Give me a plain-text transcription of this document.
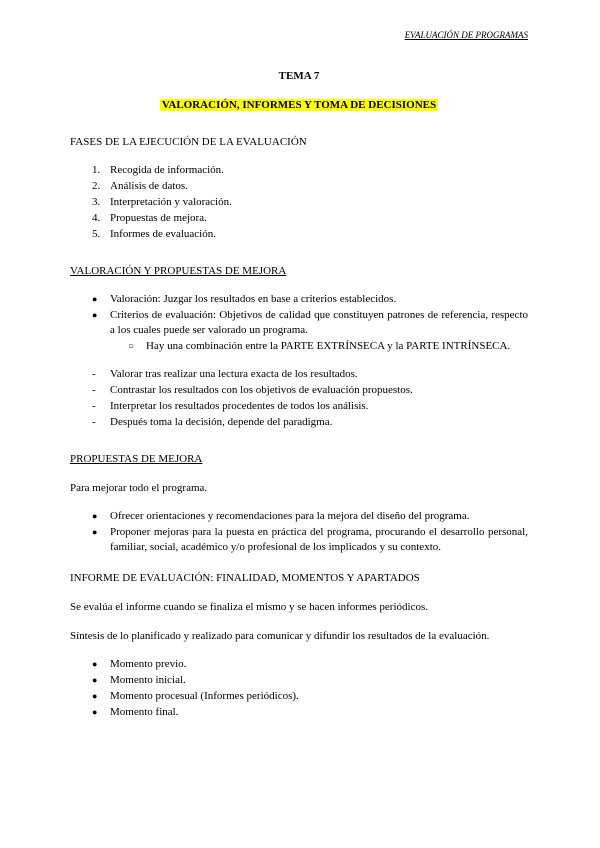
EVALUACIÓN DE PROGRAMAS
TEMA 7
VALORACIÓN, INFORMES Y TOMA DE DECISIONES
FASES DE LA EJECUCIÓN DE LA EVALUACIÓN
1. Recogida de información.
2. Análisis de datos.
3. Interpretación y valoración.
4. Propuestas de mejora.
5. Informes de evaluación.
VALORACIÓN Y PROPUESTAS DE MEJORA
●	Valoración: Juzgar los resultados en base a criterios establecidos.
●	Criterios de evaluación: Objetivos de calidad que constituyen patrones de referencia, respecto a los cuales puede ser valorado un programa.
○	Hay una combinación entre la PARTE EXTRÍNSECA y la PARTE INTRÍNSECA.
-	Valorar tras realizar una lectura exacta de los resultados.
-	Contrastar los resultados con los objetivos de evaluación propuestos.
-	Interpretar los resultados procedentes de todos los análisis.
-	Después toma la decisión, depende del paradigma.
PROPUESTAS DE MEJORA
Para mejorar todo el programa.
●	Ofrecer orientaciones y recomendaciones para la mejora del diseño del programa.
●	Proponer mejoras para la puesta en práctica del programa, procurando el desarrollo personal, familiar, social, académico y/o profesional de los implicados y su contexto.
INFORME DE EVALUACIÓN: FINALIDAD, MOMENTOS Y APARTADOS
Se evalúa el informe cuando se finaliza el mismo y se hacen informes periódicos.
Síntesis de lo planificado y realizado para comunicar y difundir los resultados de la evaluación.
●	Momento previo.
●	Momento inicial.
●	Momento procesual (Informes periódicos).
●	Momento final.
